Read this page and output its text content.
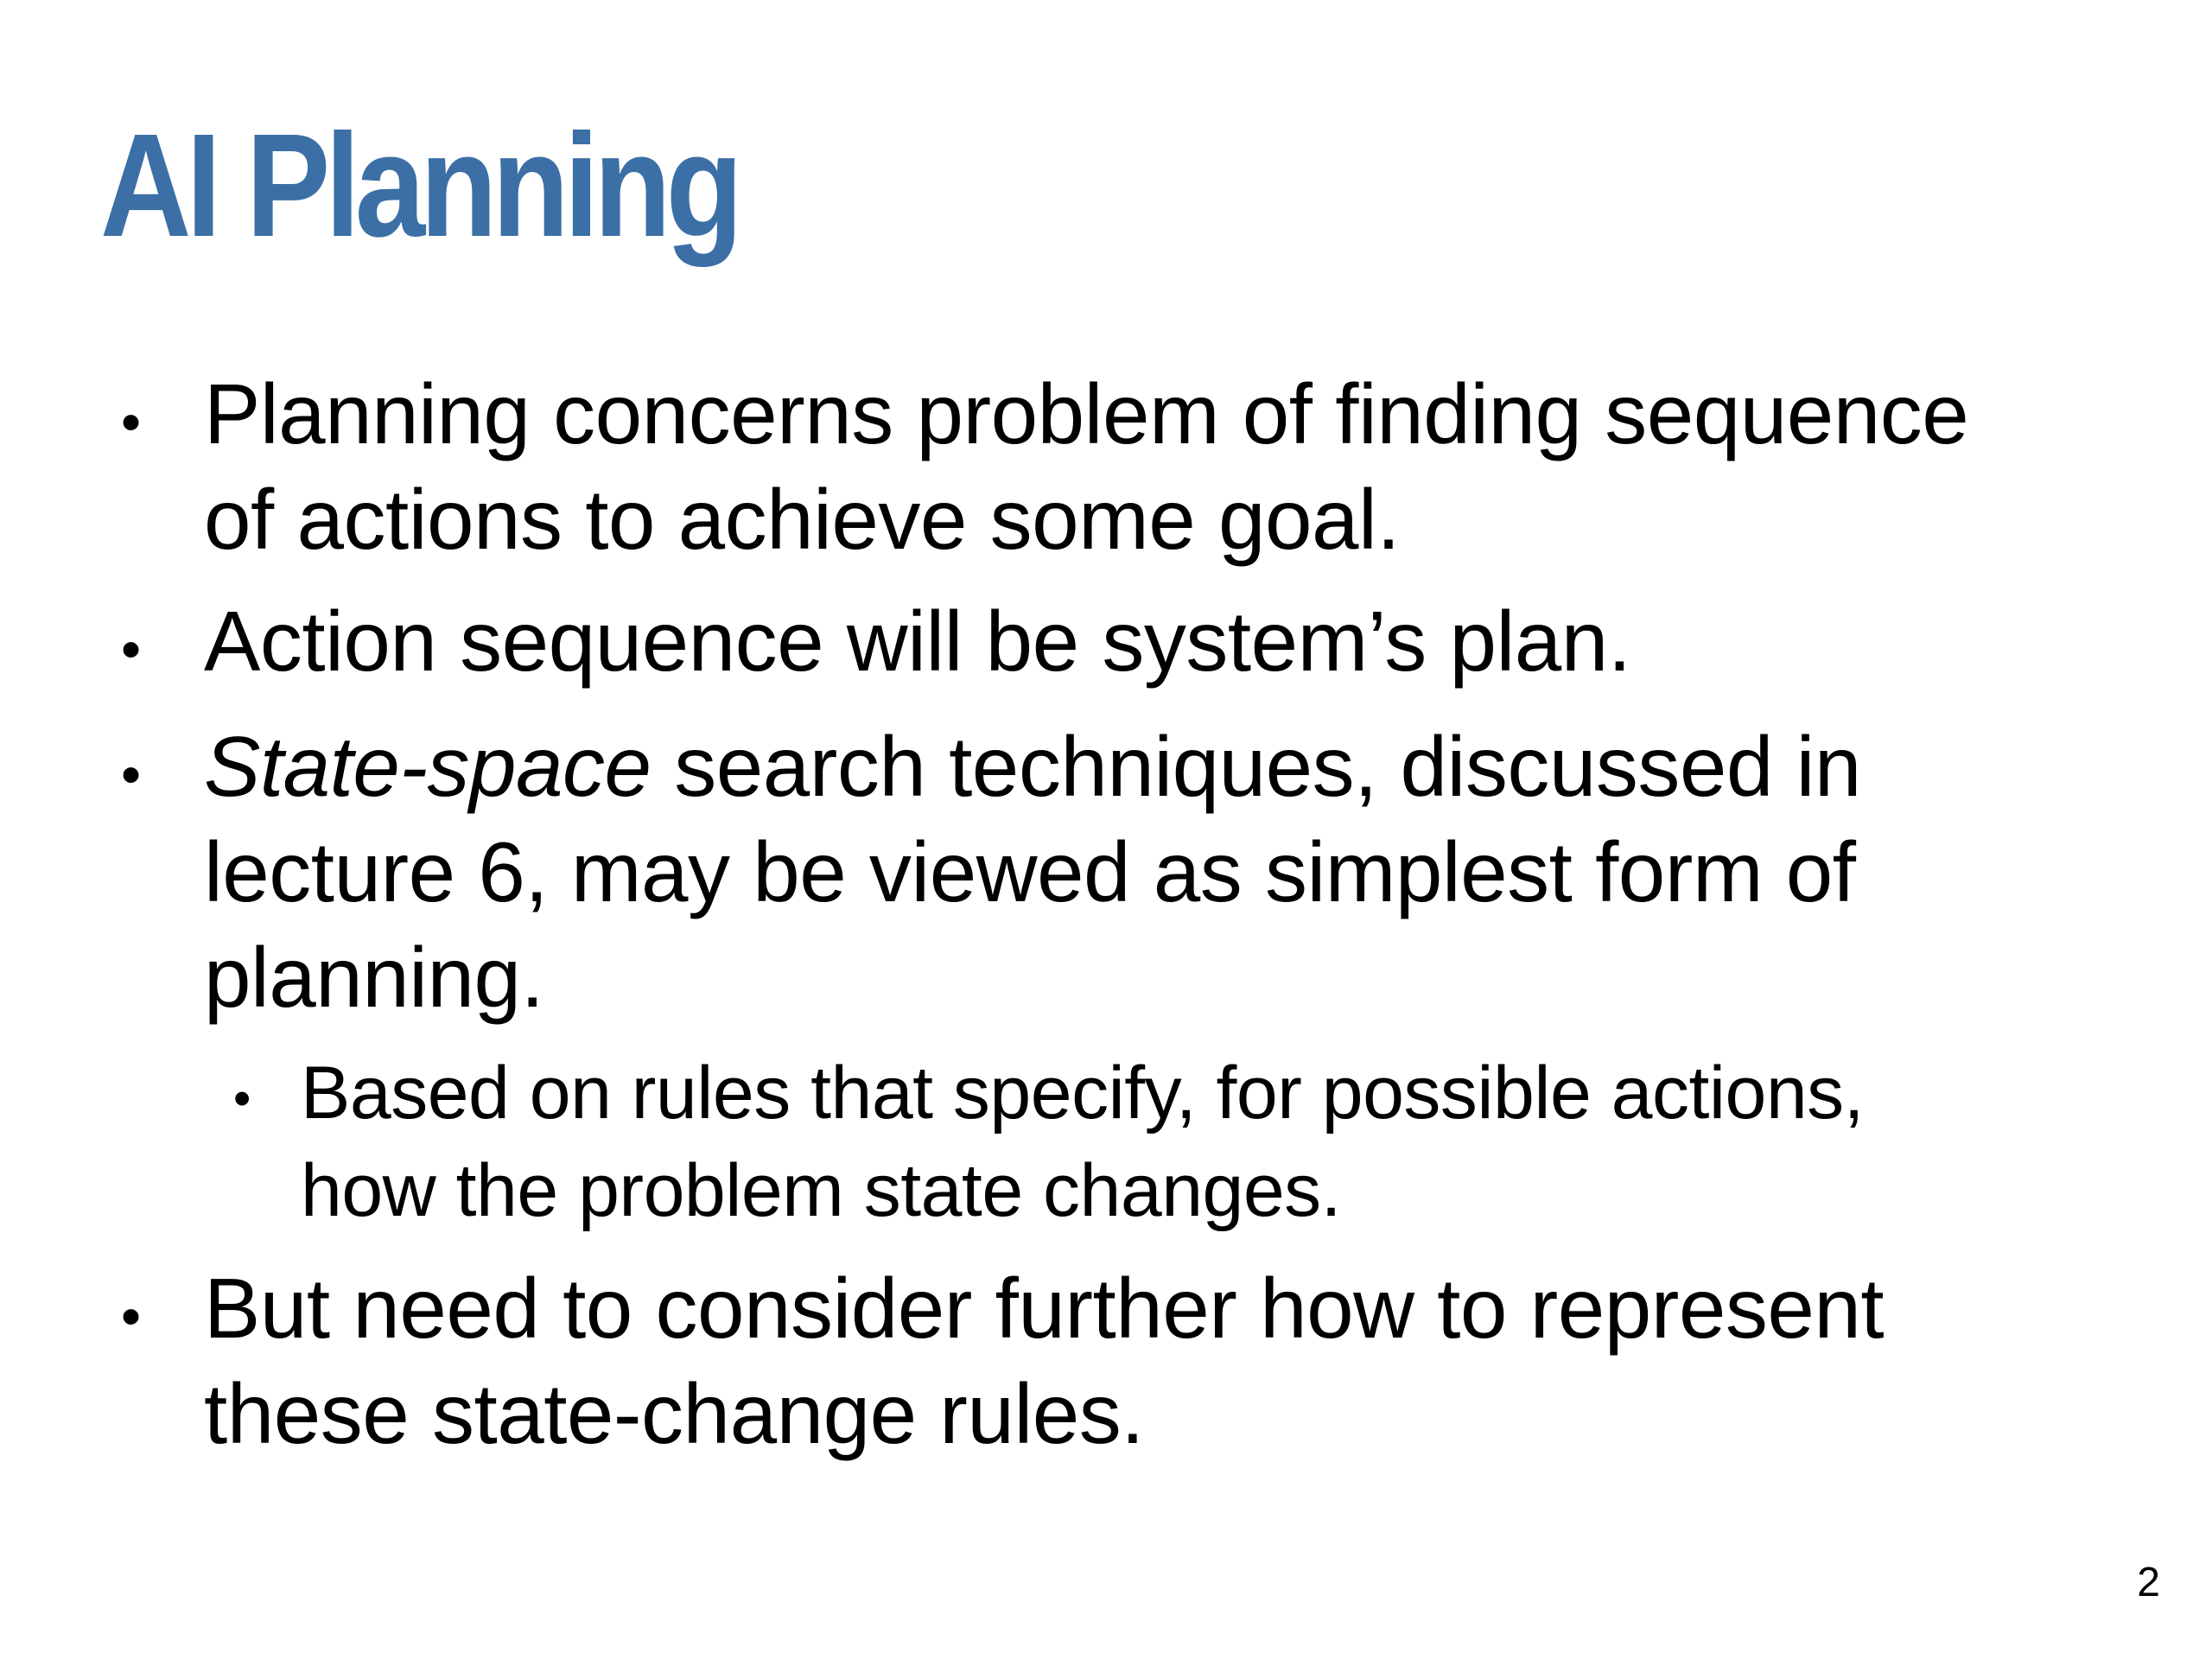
AI Planning
• Planning concerns problem of finding sequence
of actions to achieve some goal.
• Action sequence will be system’s plan.
• State-space search techniques, discussed in
lecture 6, may be viewed as simplest form of
planning.
• Based on rules that specify, for possible actions,
how the problem state changes.
• But need to consider further how to represent
these state-change rules.
2
